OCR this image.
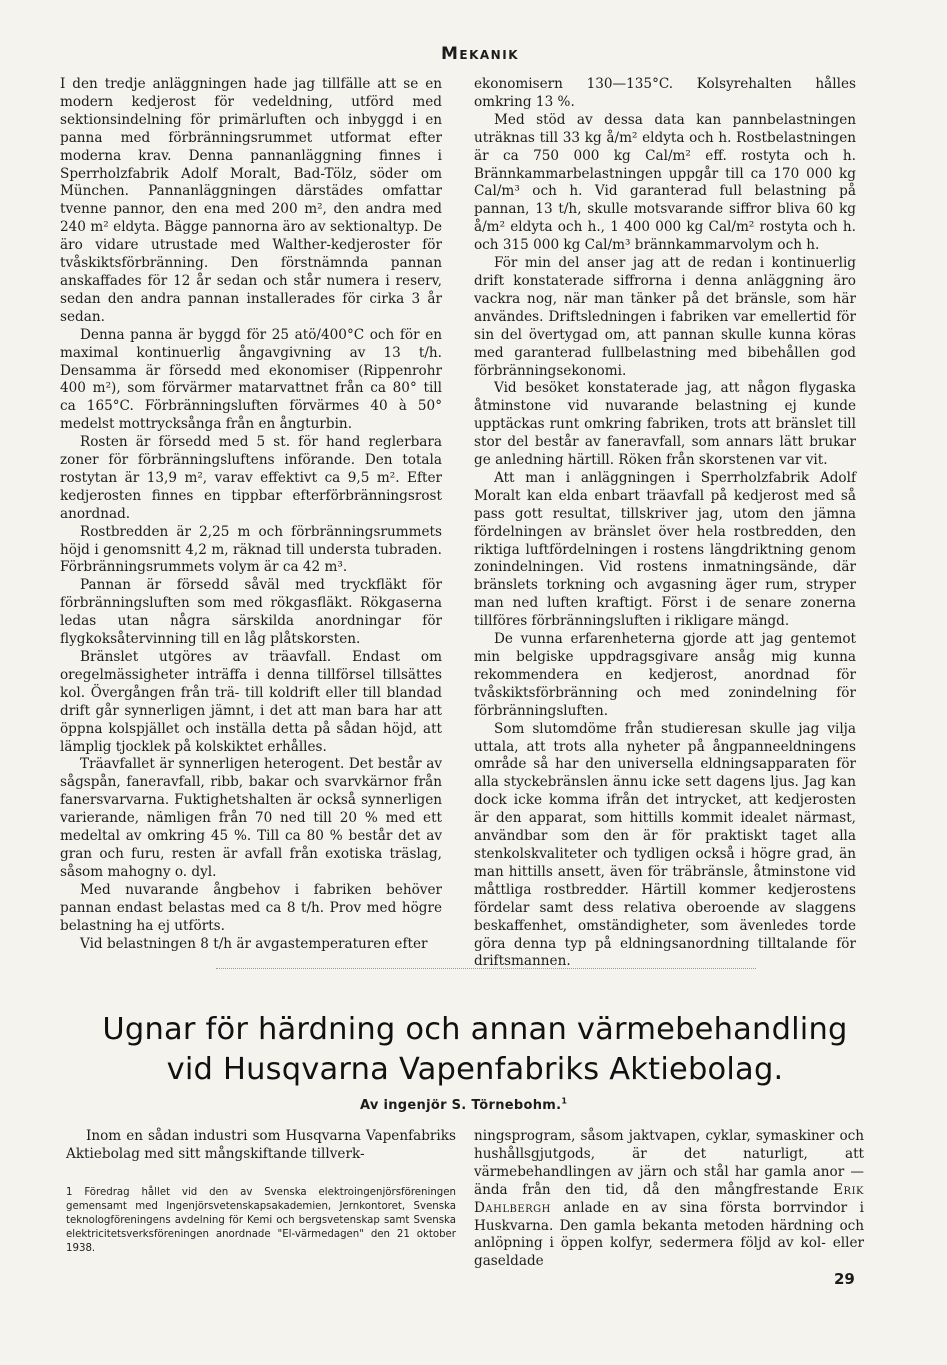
Mekanik

I den tredje anläggningen hade jag tillfälle att se en modern kedjerost för vedeldning, utförd med sektionsindelning för primärluften och inbyggd i en panna med förbränningsrummet utformat efter moderna krav. Denna pannanläggning finnes i Sperrholzfabrik Adolf Moralt, Bad-Tölz, söder om München. Pannanläggningen därstädes omfattar tvenne pannor, den ena med 200 m², den andra med 240 m² eldyta. Bägge pannorna äro av sektionaltyp. De äro vidare utrustade med Walther-kedjeroster för tvåskiktsförbränning. Den förstnämnda pannan anskaffades för 12 år sedan och står numera i reserv, sedan den andra pannan installerades för cirka 3 år sedan.

Denna panna är byggd för 25 atö/400°C och för en maximal kontinuerlig ångavgivning av 13 t/h. Densamma är försedd med ekonomiser (Rippenrohr 400 m²), som förvärmer matarvattnet från ca 80° till ca 165°C. Förbränningsluften förvärmes 40 à 50° medelst mottrycksånga från en ångturbin.

Rosten är försedd med 5 st. för hand reglerbara zoner för förbränningsluftens införande. Den totala rostytan är 13,9 m², varav effektivt ca 9,5 m². Efter kedjerosten finnes en tippbar efterförbränningsrost anordnad.

Rostbredden är 2,25 m och förbränningsrummets höjd i genomsnitt 4,2 m, räknad till understa tubraden. Förbränningsrummets volym är ca 42 m³.

Pannan är försedd såväl med tryckfläkt för förbränningsluften som med rökgasfläkt. Rökgaserna ledas utan några särskilda anordningar för flygkoksåtervinning till en låg plåtskorsten.

Bränslet utgöres av träavfall. Endast om oregelmässigheter inträffa i denna tillförsel tillsättes kol. Övergången från trä- till koldrift eller till blandad drift går synnerligen jämnt, i det att man bara har att öppna kolspjället och inställa detta på sådan höjd, att lämplig tjocklek på kolskiktet erhålles.

Träavfallet är synnerligen heterogent. Det består av sågspån, faneravfall, ribb, bakar och svarvkärnor från fanersvarvarna. Fuktighetshalten är också synnerligen varierande, nämligen från 70 ned till 20 % med ett medeltal av omkring 45 %. Till ca 80 % består det av gran och furu, resten är avfall från exotiska träslag, såsom mahogny o. dyl.

Med nuvarande ångbehov i fabriken behöver pannan endast belastas med ca 8 t/h. Prov med högre belastning ha ej utförts.

Vid belastningen 8 t/h är avgastemperaturen efter

ekonomisern 130—135°C. Kolsyrehalten hålles omkring 13 %.

Med stöd av dessa data kan pannbelastningen uträknas till 33 kg å/m² eldyta och h. Rostbelastningen är ca 750 000 kg Cal/m² eff. rostyta och h. Brännkammarbelastningen uppgår till ca 170 000 kg Cal/m³ och h. Vid garanterad full belastning på pannan, 13 t/h, skulle motsvarande siffror bliva 60 kg å/m² eldyta och h., 1 400 000 kg Cal/m² rostyta och h. och 315 000 kg Cal/m³ brännkammarvolym och h.

För min del anser jag att de redan i kontinuerlig drift konstaterade siffrorna i denna anläggning äro vackra nog, när man tänker på det bränsle, som här användes. Driftsledningen i fabriken var emellertid för sin del övertygad om, att pannan skulle kunna köras med garanterad fullbelastning med bibehållen god förbränningsekonomi.

Vid besöket konstaterade jag, att någon flygaska åtminstone vid nuvarande belastning ej kunde upptäckas runt omkring fabriken, trots att bränslet till stor del består av faneravfall, som annars lätt brukar ge anledning härtill. Röken från skorstenen var vit.

Att man i anläggningen i Sperrholzfabrik Adolf Moralt kan elda enbart träavfall på kedjerost med så pass gott resultat, tillskriver jag, utom den jämna fördelningen av bränslet över hela rostbredden, den riktiga luftfördelningen i rostens längdriktning genom zonindelningen. Vid rostens inmatningsände, där bränslets torkning och avgasning äger rum, stryper man ned luften kraftigt. Först i de senare zonerna tillföres förbränningsluften i rikligare mängd.

De vunna erfarenheterna gjorde att jag gentemot min belgiske uppdragsgivare ansåg mig kunna rekommendera en kedjerost, anordnad för tvåskiktsförbränning och med zonindelning för förbränningsluften.

Som slutomdöme från studieresan skulle jag vilja uttala, att trots alla nyheter på ångpanneeldningens område så har den universella eldningsapparaten för alla styckebränslen ännu icke sett dagens ljus. Jag kan dock icke komma ifrån det intrycket, att kedjerosten är den apparat, som hittills kommit idealet närmast, användbar som den är för praktiskt taget alla stenkolskvaliteter och tydligen också i högre grad, än man hittills ansett, även för träbränsle, åtminstone vid måttliga rostbredder. Härtill kommer kedjerostens fördelar samt dess relativa oberoende av slaggens beskaffenhet, omständigheter, som ävenledes torde göra denna typ på eldningsanordning tilltalande för driftsmannen.

Ugnar för härdning och annan värmebehandling
vid Husqvarna Vapenfabriks Aktiebolag.
Av ingenjör S. Törnebohm.$^1$

Inom en sådan industri som Husqvarna Vapenfabriks Aktiebolag med sitt mångskiftande tillverk-

1 Föredrag hållet vid den av Svenska elektroingenjörsföreningen gemensamt med Ingenjörsvetenskapsakademien, Jernkontoret, Svenska teknologföreningens avdelning för Kemi och bergsvetenskap samt Svenska elektricitetsverksföreningen anordnade "El-värmedagen" den 21 oktober 1938.

ningsprogram, såsom jaktvapen, cyklar, symaskiner och hushållsgjutgods, är det naturligt, att värmebehandlingen av järn och stål har gamla anor — ända från den tid, då den mångfrestande Erik Dahlbergh anlade en av sina första borrvindor i Huskvarna. Den gamla bekanta metoden härdning och anlöpning i öppen kolfyr, sedermera följd av kol- eller gaseldade

29
